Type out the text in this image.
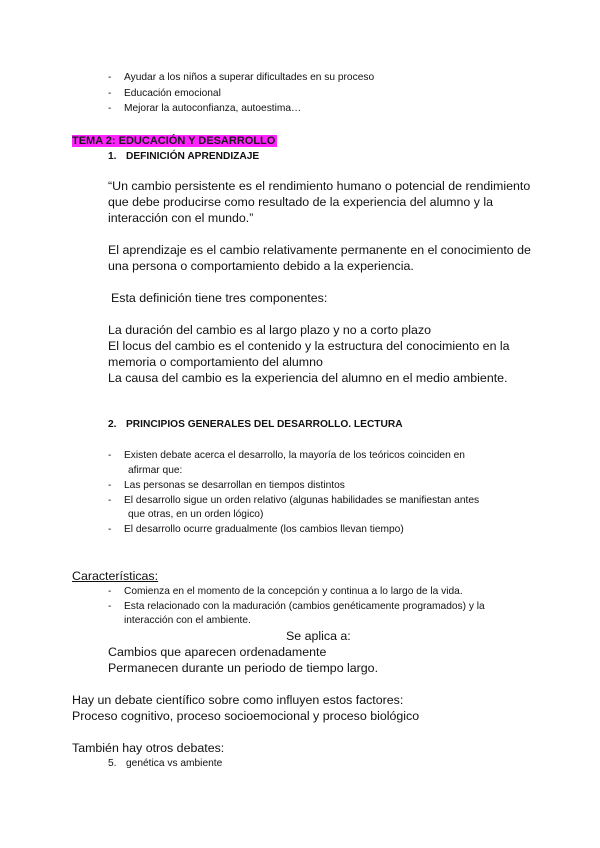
- Ayudar a los niños a superar dificultades en su proceso
- Educación emocional
- Mejorar la autoconfianza, autoestima…
TEMA 2: EDUCACIÓN Y DESARROLLO
1. DEFINICIÓN APRENDIZAJE
“Un cambio persistente es el rendimiento humano o potencial de rendimiento
que debe producirse como resultado de la experiencia del alumno y la
interacción con el mundo.”
El aprendizaje es el cambio relativamente permanente en el conocimiento de
una persona o comportamiento debido a la experiencia.
Esta definición tiene tres componentes:
La duración del cambio es al largo plazo y no a corto plazo
El locus del cambio es el contenido y la estructura del conocimiento en la
memoria o comportamiento del alumno
La causa del cambio es la experiencia del alumno en el medio ambiente.
2. PRINCIPIOS GENERALES DEL DESARROLLO. LECTURA
- Existen debate acerca el desarrollo, la mayoría de los teóricos coinciden en
afirmar que:
- Las personas se desarrollan en tiempos distintos
- El desarrollo sigue un orden relativo (algunas habilidades se manifiestan antes
que otras, en un orden lógico)
- El desarrollo ocurre gradualmente (los cambios llevan tiempo)
Características:
- Comienza en el momento de la concepción y continua a lo largo de la vida.
- Esta relacionado con la maduración (cambios genéticamente programados) y la
interacción con el ambiente.
Se aplica a:
Cambios que aparecen ordenadamente
Permanecen durante un periodo de tiempo largo.
Hay un debate científico sobre como influyen estos factores:
Proceso cognitivo, proceso socioemocional y proceso biológico
También hay otros debates:
5. genética vs ambiente
